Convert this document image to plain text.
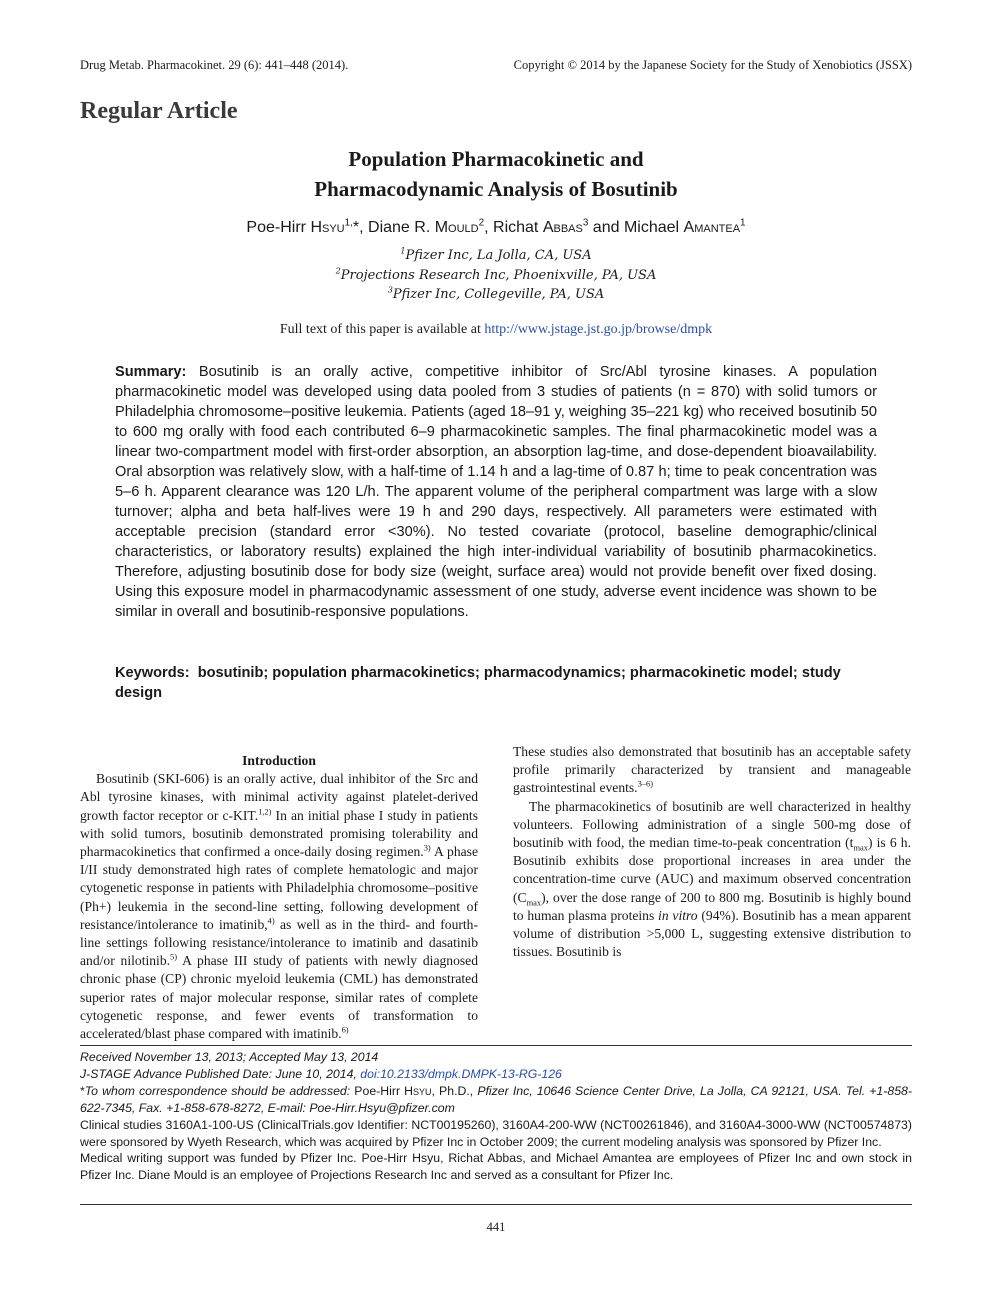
Drug Metab. Pharmacokinet. 29 (6): 441–448 (2014).	Copyright © 2014 by the Japanese Society for the Study of Xenobiotics (JSSX)
Regular Article
Population Pharmacokinetic and
Pharmacodynamic Analysis of Bosutinib
Poe-Hirr Hsyu$^{1,}$*, Diane R. Mould$^2$, Richat Abbas$^3$ and Michael Amantea$^1$
$^1$Pfizer Inc, La Jolla, CA, USA
$^2$Projections Research Inc, Phoenixville, PA, USA
$^3$Pfizer Inc, Collegeville, PA, USA
Full text of this paper is available at http://www.jstage.jst.go.jp/browse/dmpk
Summary: Bosutinib is an orally active, competitive inhibitor of Src/Abl tyrosine kinases. A population pharmacokinetic model was developed using data pooled from 3 studies of patients (n = 870) with solid tumors or Philadelphia chromosome–positive leukemia. Patients (aged 18–91 y, weighing 35–221 kg) who received bosutinib 50 to 600 mg orally with food each contributed 6–9 pharmacokinetic samples. The final pharmacokinetic model was a linear two-compartment model with first-order absorption, an absorption lag-time, and dose-dependent bioavailability. Oral absorption was relatively slow, with a half-time of 1.14 h and a lag-time of 0.87 h; time to peak concentration was 5–6 h. Apparent clearance was 120 L/h. The apparent volume of the peripheral compartment was large with a slow turnover; alpha and beta half-lives were 19 h and 290 days, respectively. All parameters were estimated with acceptable precision (standard error <30%). No tested covariate (protocol, baseline demographic/clinical characteristics, or laboratory results) explained the high inter-individual variability of bosutinib pharmacokinetics. Therefore, adjusting bosutinib dose for body size (weight, surface area) would not provide benefit over fixed dosing. Using this exposure model in pharmacodynamic assessment of one study, adverse event incidence was shown to be similar in overall and bosutinib-responsive populations.
Keywords: bosutinib; population pharmacokinetics; pharmacodynamics; pharmacokinetic model; study design

Introduction

Bosutinib (SKI-606) is an orally active, dual inhibitor of the Src and Abl tyrosine kinases, with minimal activity against platelet-derived growth factor receptor or c-KIT.$^{1,2)}$ In an initial phase I study in patients with solid tumors, bosutinib demonstrated promising tolerability and pharmacokinetics that confirmed a once-daily dosing regimen.$^{3)}$ A phase I/II study demonstrated high rates of complete hematologic and major cytogenetic response in patients with Philadelphia chromosome–positive (Ph+) leukemia in the second-line setting, following development of resistance/intolerance to imatinib,$^{4)}$ as well as in the third- and fourth-line settings following resistance/intolerance to imatinib and dasatinib and/or nilotinib.$^{5)}$ A phase III study of patients with newly diagnosed chronic phase (CP) chronic myeloid leukemia (CML) has demonstrated superior rates of major molecular response, similar rates of complete cytogenetic response, and fewer events of transformation to accelerated/blast phase compared with imatinib.$^{6)}$

These studies also demonstrated that bosutinib has an acceptable safety profile primarily characterized by transient and manageable gastrointestinal events.$^{3-6)}$

The pharmacokinetics of bosutinib are well characterized in healthy volunteers. Following administration of a single 500-mg dose of bosutinib with food, the median time-to-peak concentration $(t_{max})$ is 6 h. Bosutinib exhibits dose proportional increases in area under the concentration-time curve (AUC) and maximum observed concentration $(C_{max})$, over the dose range of 200 to 800 mg. Bosutinib is highly bound to human plasma proteins in vitro (94%). Bosutinib has a mean apparent volume of distribution >5,000 L, suggesting extensive distribution to tissues. Bosutinib is

Received November 13, 2013; Accepted May 13, 2014

J-STAGE Advance Published Date: June 10, 2014, doi:10.2133/dmpk.DMPK-13-RG-126

*To whom correspondence should be addressed: Poe-Hirr Hsyu, Ph.D., Pfizer Inc, 10646 Science Center Drive, La Jolla, CA 92121, USA. Tel. +1-858-622-7345, Fax. +1-858-678-8272, E-mail: Poe-Hirr.Hsyu@pfizer.com

Clinical studies 3160A1-100-US (ClinicalTrials.gov Identifier: NCT00195260), 3160A4-200-WW (NCT00261846), and 3160A4-3000-WW (NCT00574873) were sponsored by Wyeth Research, which was acquired by Pfizer Inc in October 2009; the current modeling analysis was sponsored by Pfizer Inc.

Medical writing support was funded by Pfizer Inc. Poe-Hirr Hsyu, Richat Abbas, and Michael Amantea are employees of Pfizer Inc and own stock in Pfizer Inc. Diane Mould is an employee of Projections Research Inc and served as a consultant for Pfizer Inc.

441
